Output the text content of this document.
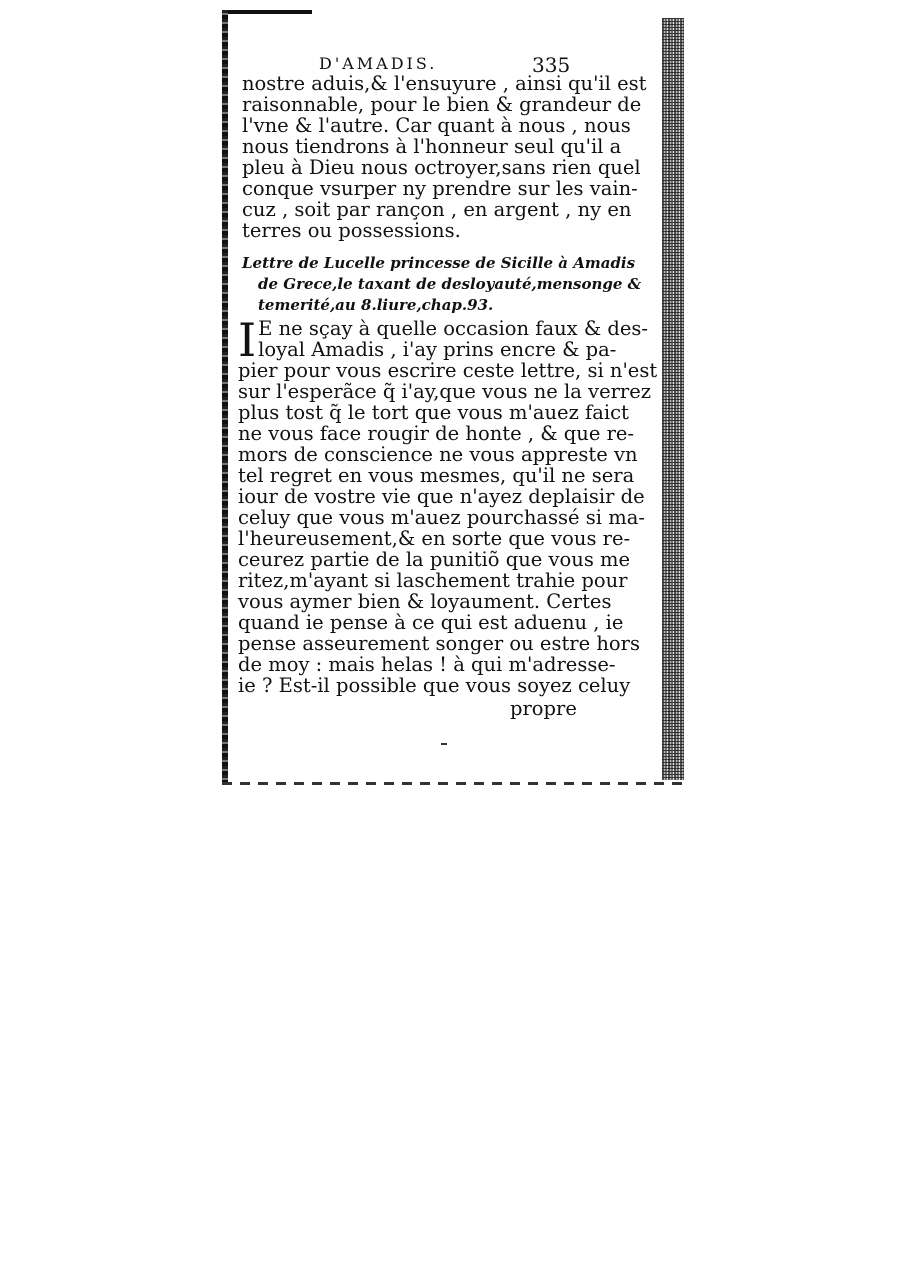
D'AMADIS.	335

nostre aduis,& l'ensuyure , ainsi qu'il est
raisonnable, pour le bien & grandeur de
l'vne & l'autre. Car quant à nous , nous
nous tiendrons à l'honneur seul qu'il a
pleu à Dieu nous octroyer,sans rien quel
conque vsurper ny prendre sur les vain-
cuz , soit par rançon , en argent , ny en
terres ou possessions.

Lettre de Lucelle princesse de Sicille à Amadis
de Grece,le taxant de desloyauté,mensonge &
temerité,au 8.liure,chap.93.

I E ne sçay à quelle occasion faux & des-
loyal Amadis , i'ay prins encre & pa-
pier pour vous escrire ceste lettre, si n'est
sur l'esperãce q̃ i'ay,que vous ne la verrez
plus tost q̃ le tort que vous m'auez faict
ne vous face rougir de honte , & que re-
mors de conscience ne vous appreste vn
tel regret en vous mesmes, qu'il ne sera
iour de vostre vie que n'ayez deplaisir de
celuy que vous m'auez pourchassé si ma-
l'heureusement,& en sorte que vous re-
ceurez partie de la punitiõ que vous me
ritez,m'ayant si laschement trahie pour
vous aymer bien & loyaument. Certes
quand ie pense à ce qui est aduenu , ie
pense asseurement songer ou estre hors
de moy : mais helas ! à qui m'adresse-
ie ? Est-il possible que vous soyez celuy

propre
